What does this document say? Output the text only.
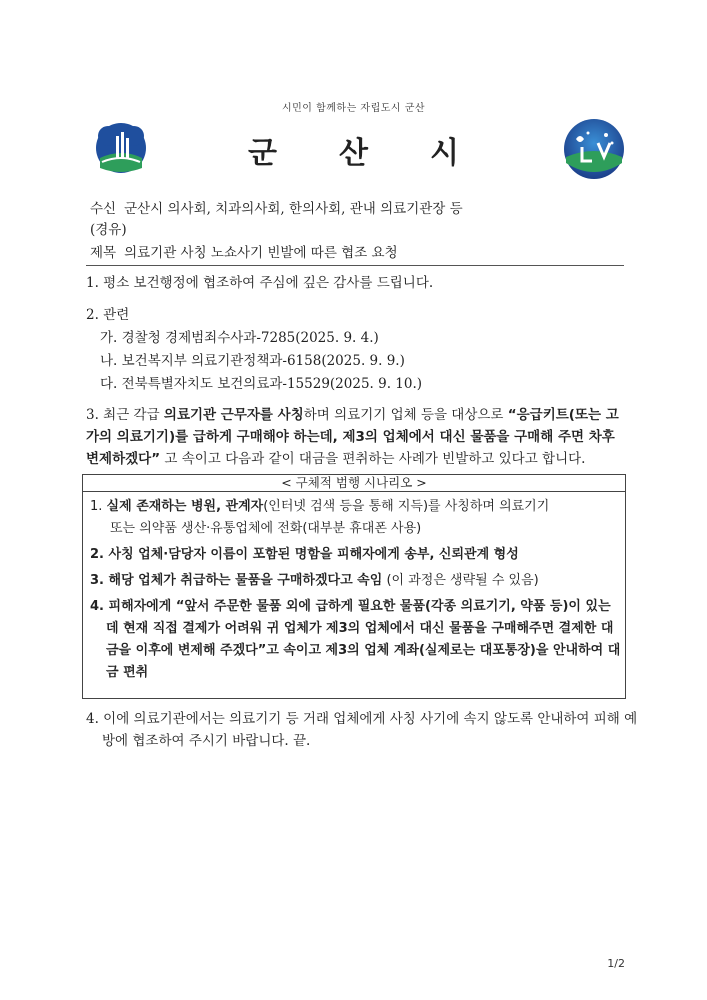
시민이 함께하는 자립도시 군산
군산시
수신 군산시 의사회, 치과의사회, 한의사회, 관내 의료기관장 등
(경유)
제목 의료기관 사칭 노쇼사기 빈발에 따른 협조 요청
1. 평소 보건행정에 협조하여 주심에 깊은 감사를 드립니다.

2. 관련

가. 경찰청 경제범죄수사과-7285(2025. 9. 4.)

나. 보건복지부 의료기관정책과-6158(2025. 9. 9.)

다. 전북특별자치도 보건의료과-15529(2025. 9. 10.)

3. 최근 각급 의료기관 근무자를 사칭하며 의료기기 업체 등을 대상으로 “응급키트(또는 고가의 의료기기)를 급하게 구매해야 하는데, 제3의 업체에서 대신 물품을 구매해 주면 차후 변제하겠다” 고 속이고 다음과 같이 대금을 편취하는 사례가 빈발하고 있다고 합니다.
< 구체적 범행 시나리오 >

1. 실제 존재하는 병원, 관계자(인터넷 검색 등을 통해 지득)를 사칭하며 의료기기
또는 의약품 생산·유통업체에 전화(대부분 휴대폰 사용)

2. 사칭 업체·담당자 이름이 포함된 명함을 피해자에게 송부, 신뢰관계 형성

3. 해당 업체가 취급하는 물품을 구매하겠다고 속임 (이 과정은 생략될 수 있음)

4. 피해자에게 “앞서 주문한 물품 외에 급하게 필요한 물품(각종 의료기기, 약품 등)이 있는데 현재 직접 결제가 어려워 귀 업체가 제3의 업체에서 대신 물품을 구매해주면 결제한 대금을 이후에 변제해 주겠다”고 속이고 제3의 업체 계좌(실제로는 대포통장)을 안내하여 대금 편취

4. 이에 의료기관에서는 의료기기 등 거래 업체에게 사칭 사기에 속지 않도록 안내하여 피해 예방에 협조하여 주시기 바랍니다. 끝.
1/2
